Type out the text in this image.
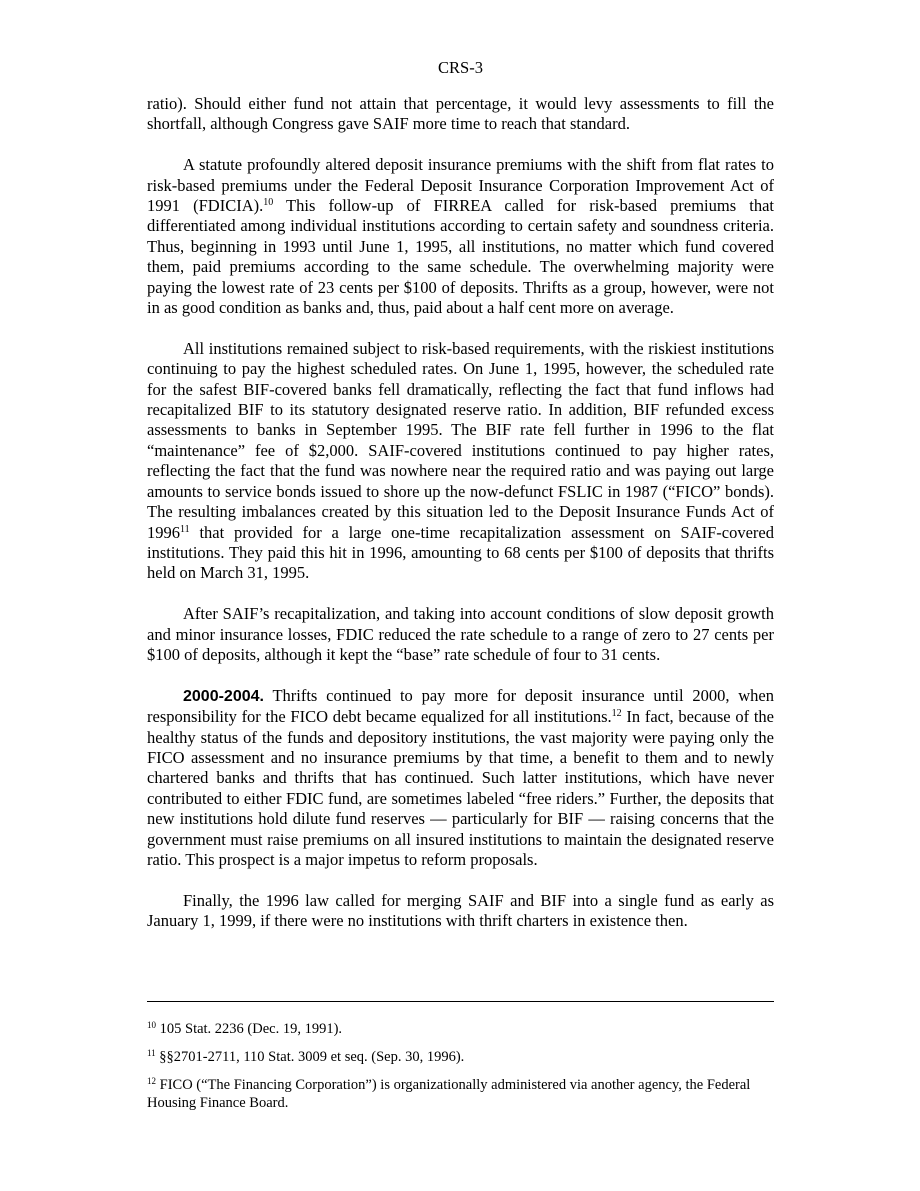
CRS-3

ratio). Should either fund not attain that percentage, it would levy assessments to fill the shortfall, although Congress gave SAIF more time to reach that standard.

A statute profoundly altered deposit insurance premiums with the shift from flat rates to risk-based premiums under the Federal Deposit Insurance Corporation Improvement Act of 1991 (FDICIA).$^{10}$ This follow-up of FIRREA called for risk-based premiums that differentiated among individual institutions according to certain safety and soundness criteria. Thus, beginning in 1993 until June 1, 1995, all institutions, no matter which fund covered them, paid premiums according to the same schedule. The overwhelming majority were paying the lowest rate of 23 cents per $100 of deposits. Thrifts as a group, however, were not in as good condition as banks and, thus, paid about a half cent more on average.

All institutions remained subject to risk-based requirements, with the riskiest institutions continuing to pay the highest scheduled rates. On June 1, 1995, however, the scheduled rate for the safest BIF-covered banks fell dramatically, reflecting the fact that fund inflows had recapitalized BIF to its statutory designated reserve ratio. In addition, BIF refunded excess assessments to banks in September 1995. The BIF rate fell further in 1996 to the flat “maintenance” fee of $2,000. SAIF-covered institutions continued to pay higher rates, reflecting the fact that the fund was nowhere near the required ratio and was paying out large amounts to service bonds issued to shore up the now-defunct FSLIC in 1987 (“FICO” bonds). The resulting imbalances created by this situation led to the Deposit Insurance Funds Act of 1996$^{11}$ that provided for a large one-time recapitalization assessment on SAIF-covered institutions. They paid this hit in 1996, amounting to 68 cents per $100 of deposits that thrifts held on March 31, 1995.

After SAIF’s recapitalization, and taking into account conditions of slow deposit growth and minor insurance losses, FDIC reduced the rate schedule to a range of zero to 27 cents per $100 of deposits, although it kept the “base” rate schedule of four to 31 cents.

2000-2004. Thrifts continued to pay more for deposit insurance until 2000, when responsibility for the FICO debt became equalized for all institutions.$^{12}$ In fact, because of the healthy status of the funds and depository institutions, the vast majority were paying only the FICO assessment and no insurance premiums by that time, a benefit to them and to newly chartered banks and thrifts that has continued. Such latter institutions, which have never contributed to either FDIC fund, are sometimes labeled “free riders.” Further, the deposits that new institutions hold dilute fund reserves — particularly for BIF — raising concerns that the government must raise premiums on all insured institutions to maintain the designated reserve ratio. This prospect is a major impetus to reform proposals.

Finally, the 1996 law called for merging SAIF and BIF into a single fund as early as January 1, 1999, if there were no institutions with thrift charters in existence then.

$^{10}$ 105 Stat. 2236 (Dec. 19, 1991).

$^{11}$ §§2701-2711, 110 Stat. 3009 et seq. (Sep. 30, 1996).

$^{12}$ FICO (“The Financing Corporation”) is organizationally administered via another agency, the Federal Housing Finance Board.
